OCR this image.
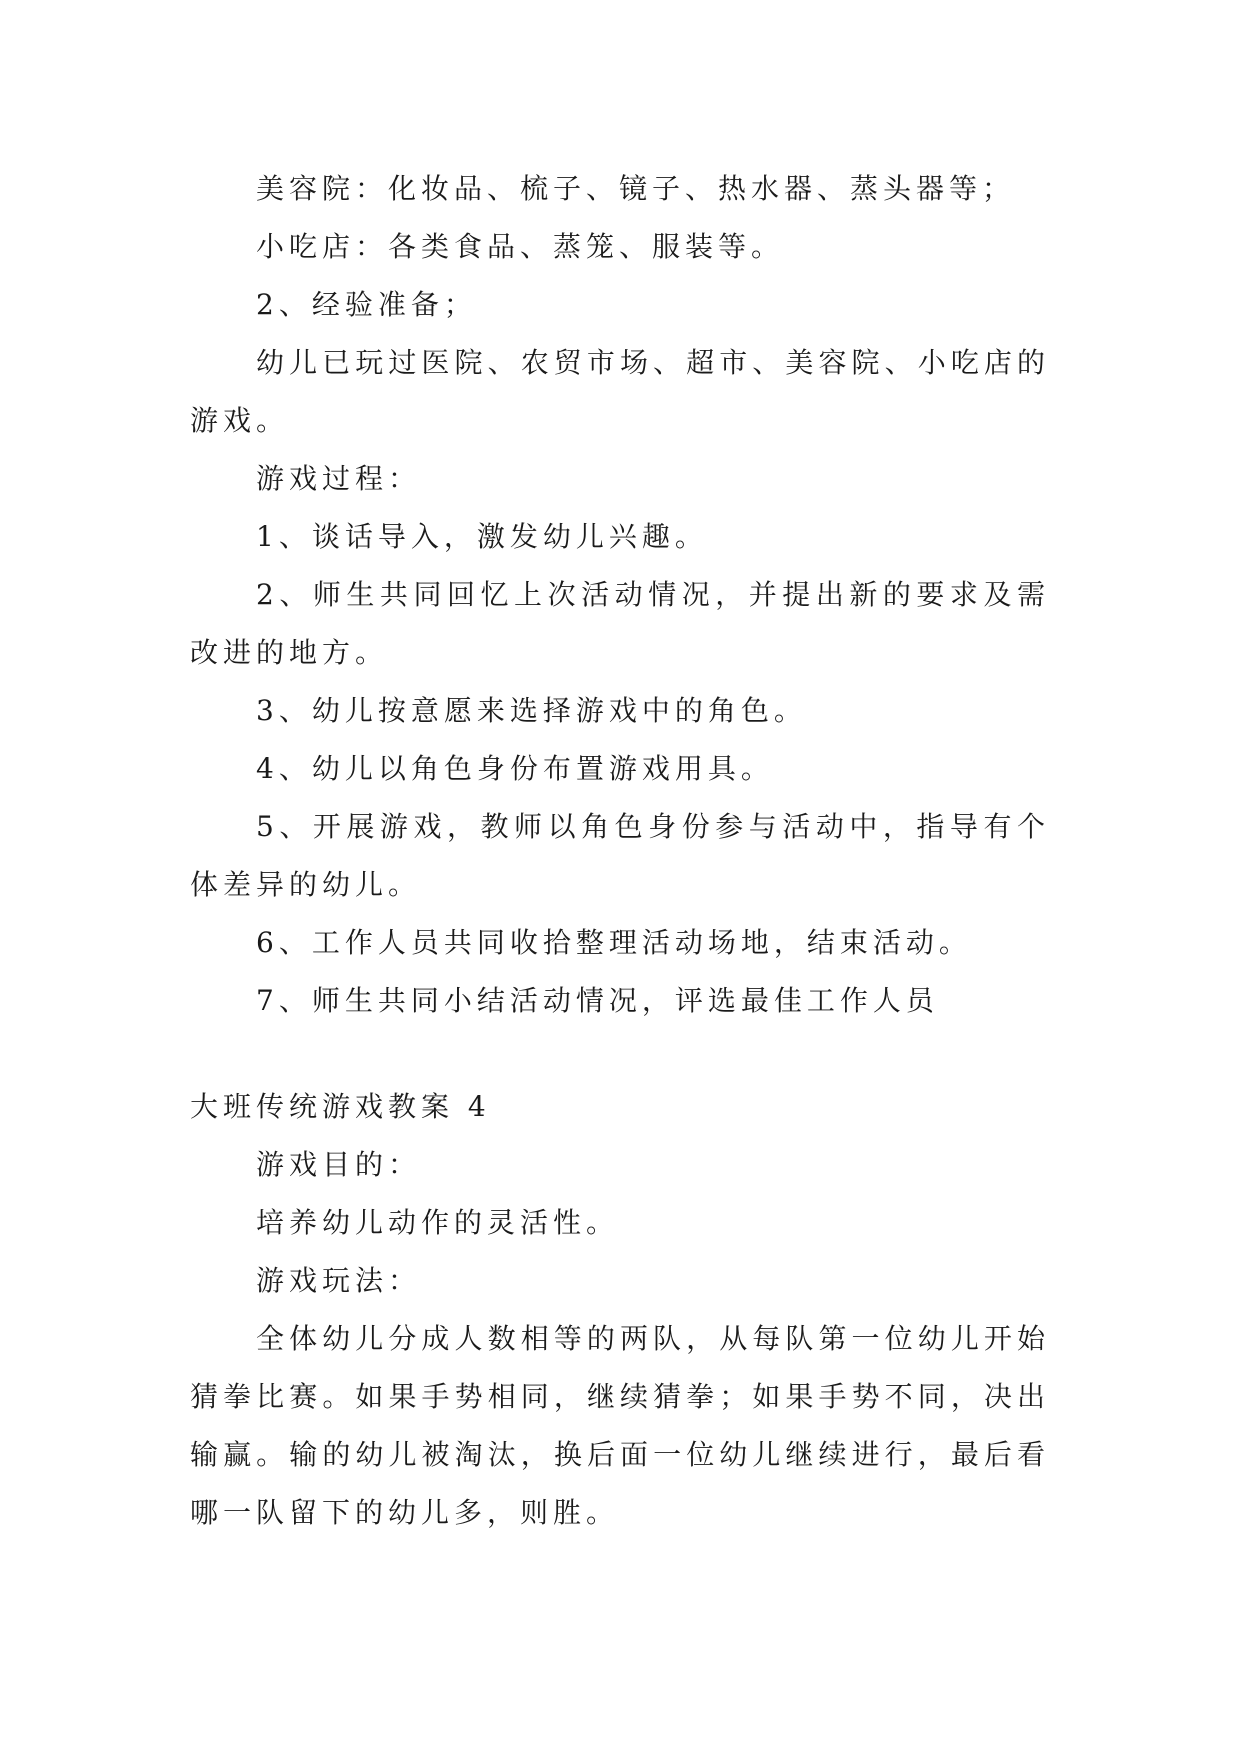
美容院：化妆品、梳子、镜子、热水器、蒸头器等；

小吃店：各类食品、蒸笼、服装等。

2、经验准备；

幼儿已玩过医院、农贸市场、超市、美容院、小吃店的游戏。

游戏过程：

1、谈话导入，激发幼儿兴趣。

2、师生共同回忆上次活动情况，并提出新的要求及需改进的地方。

3、幼儿按意愿来选择游戏中的角色。

4、幼儿以角色身份布置游戏用具。

5、开展游戏，教师以角色身份参与活动中，指导有个体差异的幼儿。

6、工作人员共同收拾整理活动场地，结束活动。

7、师生共同小结活动情况，评选最佳工作人员

大班传统游戏教案 4

游戏目的：

培养幼儿动作的灵活性。

游戏玩法：

全体幼儿分成人数相等的两队，从每队第一位幼儿开始猜拳比赛。如果手势相同，继续猜拳；如果手势不同，决出输赢。输的幼儿被淘汰，换后面一位幼儿继续进行，最后看哪一队留下的幼儿多，则胜。
